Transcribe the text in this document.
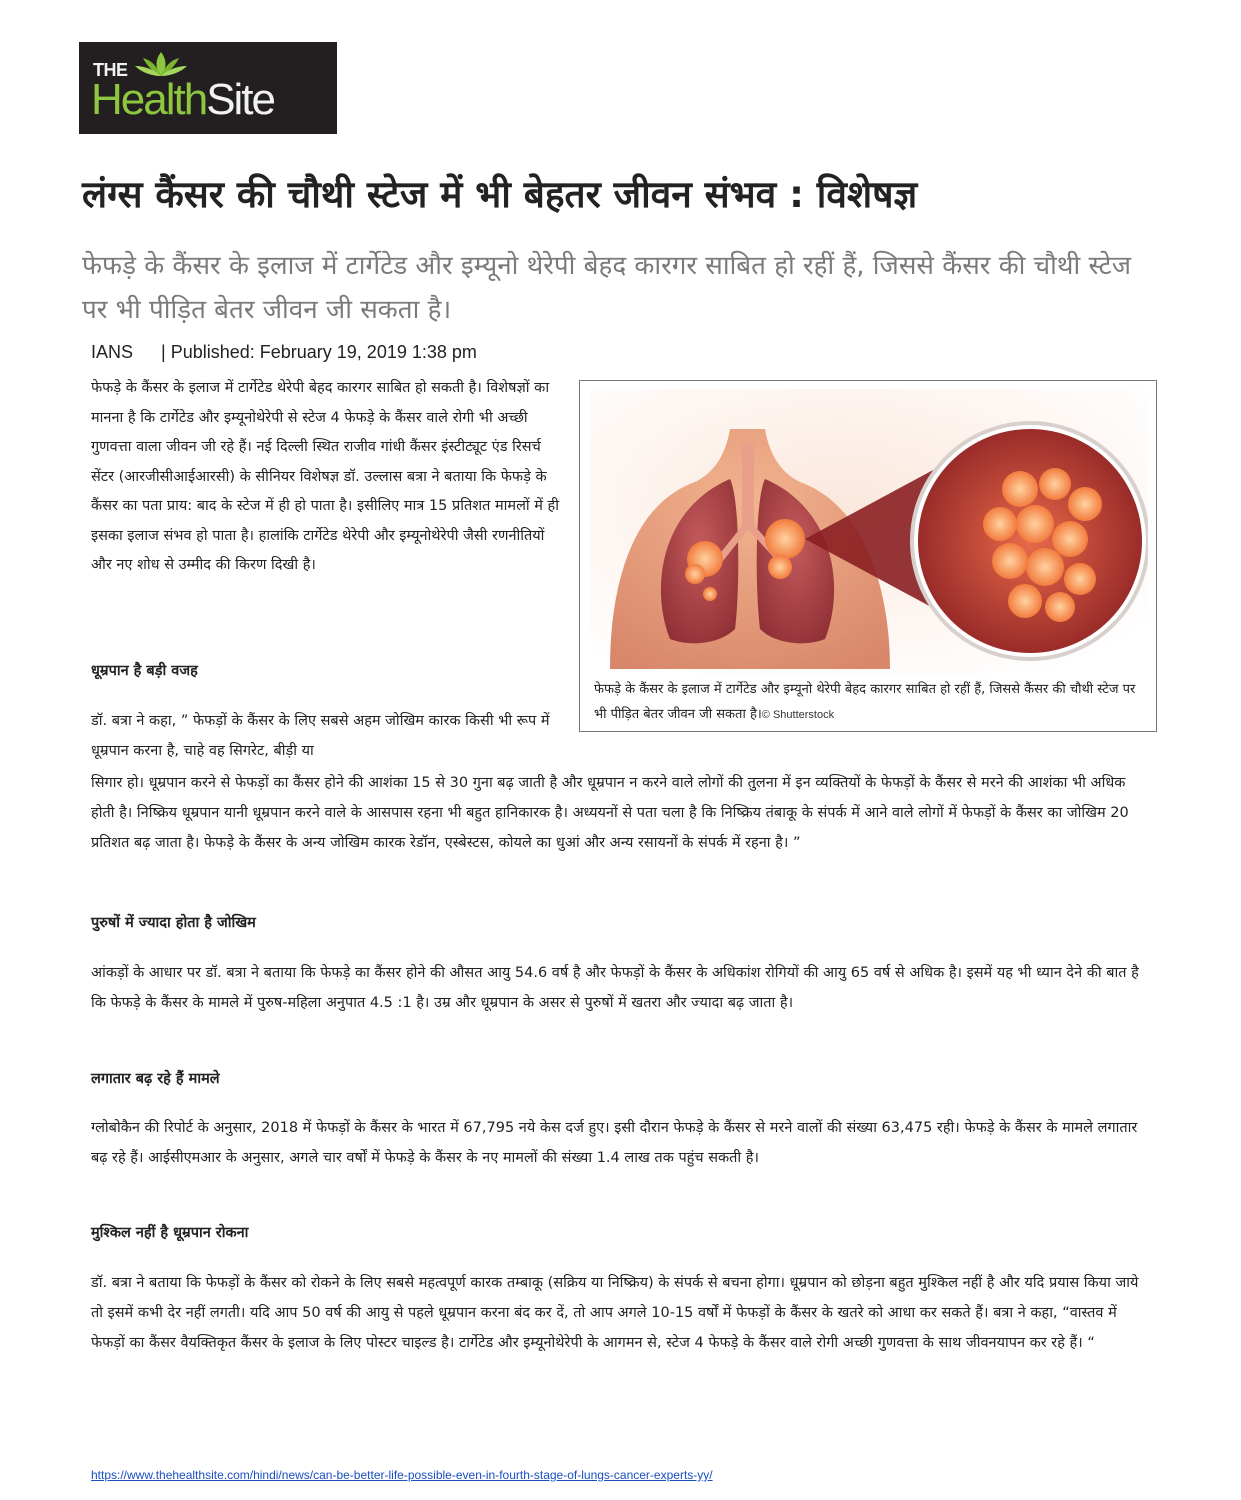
THE
HealthSite
लंग्स कैंसर की चौथी स्टेज में भी बेहतर जीवन संभव : विशेषज्ञ
फेफड़े के कैंसर के इलाज में टार्गेटेड और इम्यूनो थेरेपी बेहद कारगर साबित हो रहीं हैं, जिससे कैंसर की चौथी स्टेज पर भी पीड़ित बेतर जीवन जी सकता है।
IANS | Published: February 19, 2019 1:38 pm
फेफड़े के कैंसर के इलाज में टार्गेटेड थेरेपी बेहद कारगर साबित हो सकती है। विशेषज्ञों का मानना है कि टार्गेटेड और इम्यूनोथेरेपी से स्टेज 4 फेफड़े के कैंसर वाले रोगी भी अच्छी गुणवत्ता वाला जीवन जी रहे हैं। नई दिल्ली स्थित राजीव गांधी कैंसर इंस्टीट्यूट एंड रिसर्च सेंटर (आरजीसीआईआरसी) के सीनियर विशेषज्ञ डॉ. उल्लास बत्रा ने बताया कि फेफड़े के कैंसर का पता प्राय: बाद के स्टेज में ही हो पाता है। इसीलिए मात्र 15 प्रतिशत मामलों में ही इसका इलाज संभव हो पाता है। हालांकि टार्गेटेड थेरेपी और इम्यूनोथेरेपी जैसी रणनीतियों और नए शोध से उम्मीद की किरण दिखी है।
फेफड़े के कैंसर के इलाज में टार्गेटेड और इम्यूनो थेरेपी बेहद कारगर साबित हो रहीं हैं, जिससे कैंसर की चौथी स्टेज पर भी पीड़ित बेतर जीवन जी सकता है।© Shutterstock
धूम्रपान है बड़ी वजह
डॉ. बत्रा ने कहा, ” फेफड़ों के कैंसर के लिए सबसे अहम जोखिम कारक किसी भी रूप में धूम्रपान करना है, चाहे वह सिगरेट, बीड़ी या
सिगार हो। धूम्रपान करने से फेफड़ों का कैंसर होने की आशंका 15 से 30 गुना बढ़ जाती है और धूम्रपान न करने वाले लोगों की तुलना में इन व्यक्तियों के फेफड़ों के कैंसर से मरने की आशंका भी अधिक होती है। निष्क्रिय धूम्रपान यानी धूम्रपान करने वाले के आसपास रहना भी बहुत हानिकारक है। अध्ययनों से पता चला है कि निष्क्रिय तंबाकू के संपर्क में आने वाले लोगों में फेफड़ों के कैंसर का जोखिम 20 प्रतिशत बढ़ जाता है। फेफड़े के कैंसर के अन्य जोखिम कारक रेडॉन, एस्बेस्टस, कोयले का धुआं और अन्य रसायनों के संपर्क में रहना है। ”
पुरुषों में ज्यादा होता है जोखिम
आंकड़ों के आधार पर डॉ. बत्रा ने बताया कि फेफड़े का कैंसर होने की औसत आयु 54.6 वर्ष है और फेफड़ों के कैंसर के अधिकांश रोगियों की आयु 65 वर्ष से अधिक है। इसमें यह भी ध्यान देने की बात है कि फेफड़े के कैंसर के मामले में पुरुष-महिला अनुपात 4.5 :1 है। उम्र और धूम्रपान के असर से पुरुषों में खतरा और ज्यादा बढ़ जाता है।
लगातार बढ़ रहे हैं मामले
ग्लोबोकैन की रिपोर्ट के अनुसार, 2018 में फेफड़ों के कैंसर के भारत में 67,795 नये केस दर्ज हुए। इसी दौरान फेफड़े के कैंसर से मरने वालों की संख्या 63,475 रही। फेफड़े के कैंसर के मामले लगातार बढ़ रहे हैं। आईसीएमआर के अनुसार, अगले चार वर्षों में फेफड़े के कैंसर के नए मामलों की संख्या 1.4 लाख तक पहुंच सकती है।
मुश्किल नहीं है धूम्रपान रोकना
डॉ. बत्रा ने बताया कि फेफड़ों के कैंसर को रोकने के लिए सबसे महत्वपूर्ण कारक तम्बाकू (सक्रिय या निष्क्रिय) के संपर्क से बचना होगा। धूम्रपान को छोड़ना बहुत मुश्किल नहीं है और यदि प्रयास किया जाये तो इसमें कभी देर नहीं लगती। यदि आप 50 वर्ष की आयु से पहले धूम्रपान करना बंद कर दें, तो आप अगले 10-15 वर्षों में फेफड़ों के कैंसर के खतरे को आधा कर सकते हैं। बत्रा ने कहा, “वास्तव में फेफड़ों का कैंसर वैयक्तिकृत कैंसर के इलाज के लिए पोस्टर चाइल्ड है। टार्गेटेड और इम्यूनोथेरेपी के आगमन से, स्टेज 4 फेफड़े के कैंसर वाले रोगी अच्छी गुणवत्ता के साथ जीवनयापन कर रहे हैं। “
https://www.thehealthsite.com/hindi/news/can-be-better-life-possible-even-in-fourth-stage-of-lungs-cancer-experts-yy/
